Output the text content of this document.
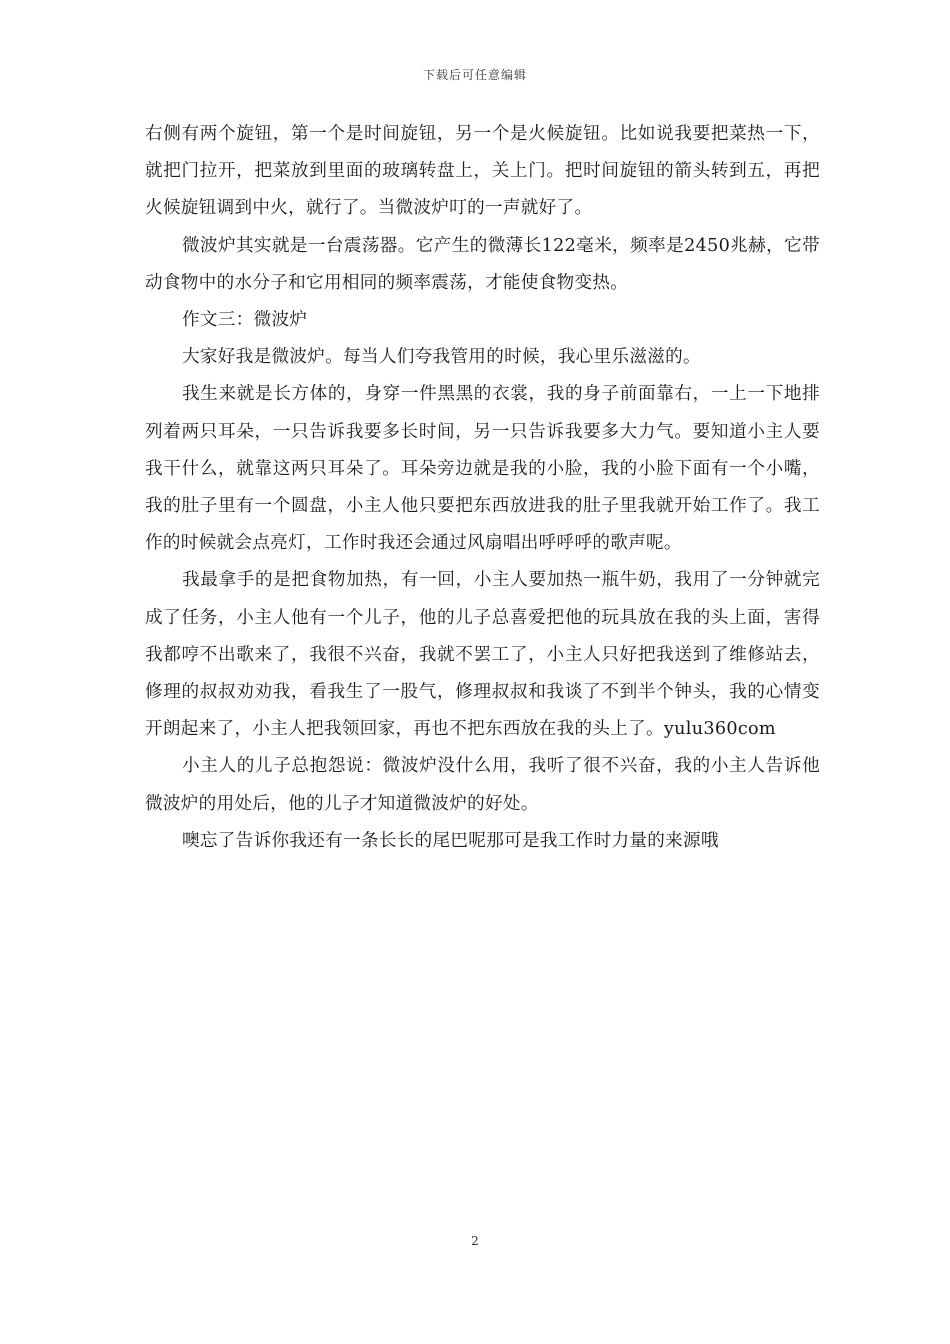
下载后可任意编辑

右侧有两个旋钮，第一个是时间旋钮，另一个是火候旋钮。比如说我要把菜热一下，就把门拉开，把菜放到里面的玻璃转盘上，关上门。把时间旋钮的箭头转到五，再把火候旋钮调到中火，就行了。当微波炉叮的一声就好了。

微波炉其实就是一台震荡器。它产生的微薄长122毫米，频率是2450兆赫，它带动食物中的水分子和它用相同的频率震荡，才能使食物变热。

作文三：微波炉

大家好我是微波炉。每当人们夸我管用的时候，我心里乐滋滋的。

我生来就是长方体的，身穿一件黑黑的衣裳，我的身子前面靠右，一上一下地排列着两只耳朵，一只告诉我要多长时间，另一只告诉我要多大力气。要知道小主人要我干什么，就靠这两只耳朵了。耳朵旁边就是我的小脸，我的小脸下面有一个小嘴，我的肚子里有一个圆盘，小主人他只要把东西放进我的肚子里我就开始工作了。我工作的时候就会点亮灯，工作时我还会通过风扇唱出呼呼呼的歌声呢。

我最拿手的是把食物加热，有一回，小主人要加热一瓶牛奶，我用了一分钟就完成了任务，小主人他有一个儿子，他的儿子总喜爱把他的玩具放在我的头上面，害得我都哼不出歌来了，我很不兴奋，我就不罢工了，小主人只好把我送到了维修站去，修理的叔叔劝劝我，看我生了一股气，修理叔叔和我谈了不到半个钟头，我的心情变开朗起来了，小主人把我领回家，再也不把东西放在我的头上了。yulu360com

小主人的儿子总抱怨说：微波炉没什么用，我听了很不兴奋，我的小主人告诉他微波炉的用处后，他的儿子才知道微波炉的好处。

噢忘了告诉你我还有一条长长的尾巴呢那可是我工作时力量的来源哦

2
